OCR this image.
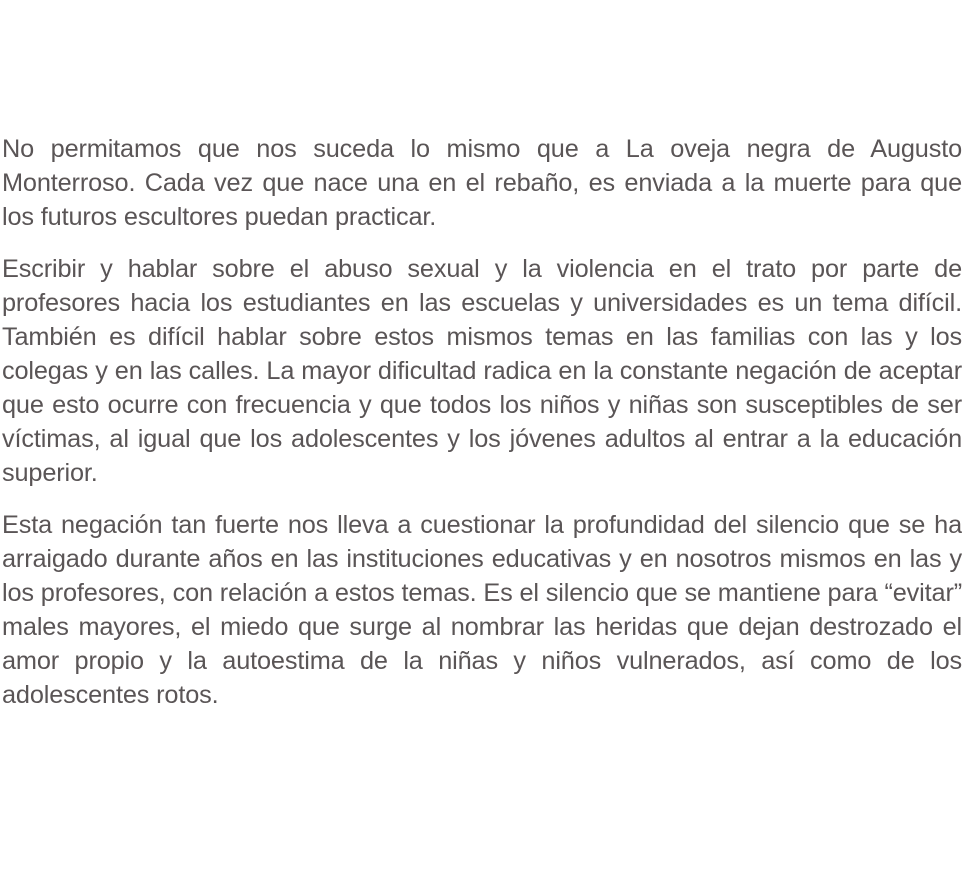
No permitamos que nos suceda lo mismo que a La oveja negra de Augusto Monterroso. Cada vez que nace una en el rebaño, es enviada a la muerte para que los futuros escultores puedan practicar.

Escribir y hablar sobre el abuso sexual y la violencia en el trato por parte de profesores hacia los estudiantes en las escuelas y universidades es un tema difícil. También es difícil hablar sobre estos mismos temas en las familias con las y los colegas y en las calles. La mayor dificultad radica en la constante negación de aceptar que esto ocurre con frecuencia y que todos los niños y niñas son susceptibles de ser víctimas, al igual que los adolescentes y los jóvenes adultos al entrar a la educación superior.

Esta negación tan fuerte nos lleva a cuestionar la profundidad del silencio que se ha arraigado durante años en las instituciones educativas y en nosotros mismos en las y los profesores, con relación a estos temas. Es el silencio que se mantiene para “evitar” males mayores, el miedo que surge al nombrar las heridas que dejan destrozado el amor propio y la autoestima de la niñas y niños vulnerados, así como de los adolescentes rotos.
